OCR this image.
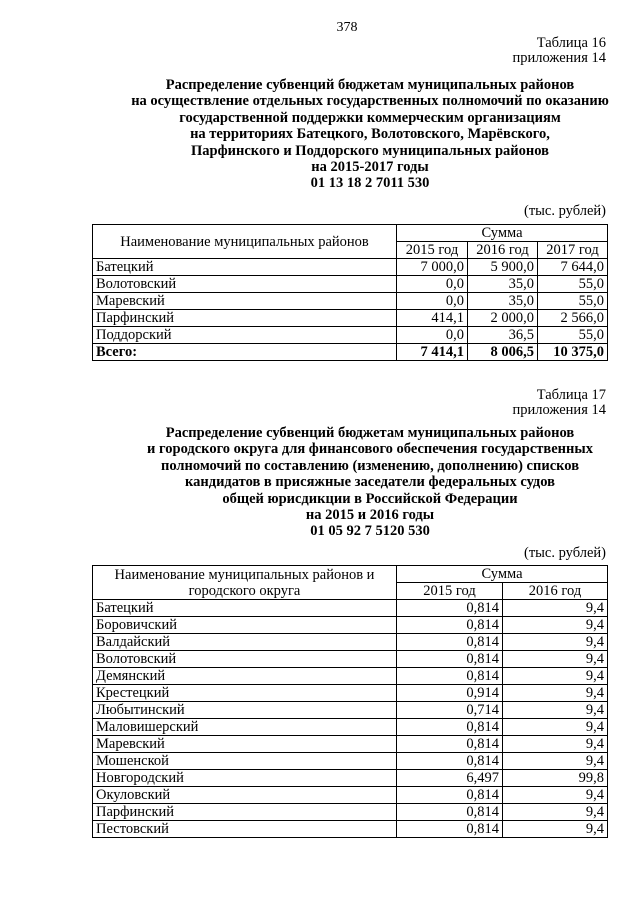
378
Таблица 16
приложения 14
Распределение субвенций бюджетам муниципальных районов
на осуществление отдельных государственных полномочий по оказанию
государственной поддержки коммерческим организациям
на территориях Батецкого, Волотовского, Марёвского,
Парфинского и Поддорского муниципальных районов
на 2015-2017 годы
01 13 18 2 7011 530
(тыс. рублей)
Наименование муниципальных районов	Сумма		
	2015 год	2016 год	2017 год
Батецкий	7 000,0	5 900,0	7 644,0
Волотовский	0,0	35,0	55,0
Маревский	0,0	35,0	55,0
Парфинский	414,1	2 000,0	2 566,0
Поддорский	0,0	36,5	55,0
Всего:	7 414,1	8 006,5	10 375,0
Таблица 17
приложения 14
Распределение субвенций бюджетам муниципальных районов
и городского округа для финансового обеспечения государственных
полномочий по составлению (изменению, дополнению) списков
кандидатов в присяжные заседатели федеральных судов
общей юрисдикции в Российской Федерации
на 2015 и 2016 годы
01 05 92 7 5120 530
(тыс. рублей)
Наименование муниципальных районов и
городского округа	Сумма	
	2015 год	2016 год
Батецкий	0,814	9,4
Боровичский	0,814	9,4
Валдайский	0,814	9,4
Волотовский	0,814	9,4
Демянский	0,814	9,4
Крестецкий	0,914	9,4
Любытинский	0,714	9,4
Маловишерский	0,814	9,4
Маревский	0,814	9,4
Мошенской	0,814	9,4
Новгородский	6,497	99,8
Окуловский	0,814	9,4
Парфинский	0,814	9,4
Пестовский	0,814	9,4
